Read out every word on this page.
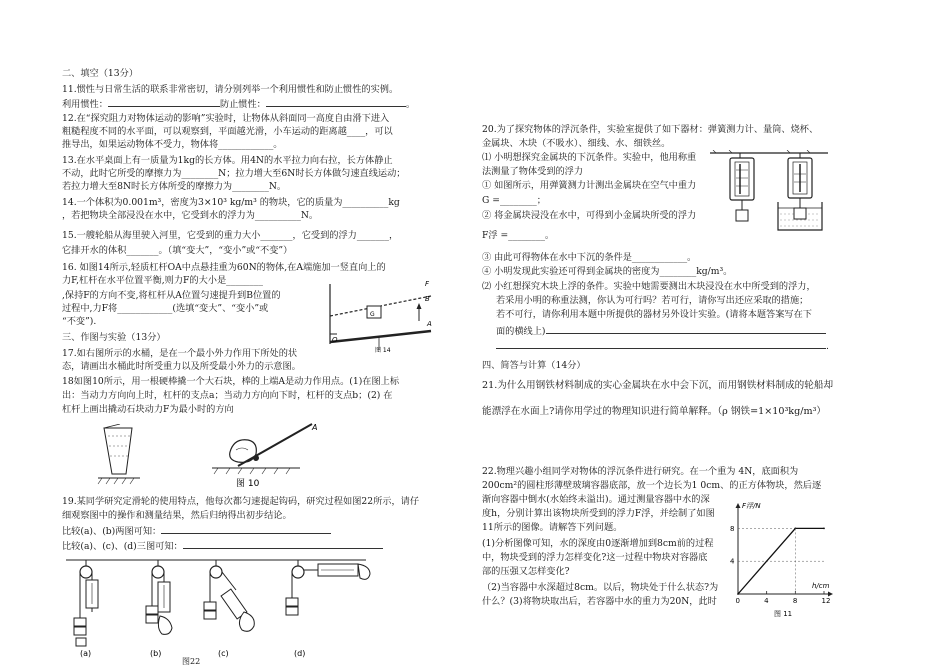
二、填空（13分）
11.惯性与日常生活的联系非常密切，请分别列举一个利用惯性和防止惯性的实例。
利用惯性：	防止惯性：	。
12.在“探究阻力对物体运动的影响”实验时，让物体从斜面同一高度自由滑下进入
粗糙程度不同的水平面，可以观察到，平面越光滑，小车运动的距离越____，可以
推导出，如果运动物体不受力，物体将____________。
13.在水平桌面上有一质量为1kg的长方体。用4N的水平拉力向右拉，长方体静止
不动，此时它所受的摩擦力为________N；拉力增大至6N时长方体做匀速直线运动；
若拉力增大至8N时长方体所受的摩擦力为________N。
14.一个体积为0.001m³，密度为3×10³ kg/m³ 的物块，它的质量为__________kg
，若把物块全部浸没在水中，它受到水的浮力为__________N。
15.一艘轮船从海里驶入河里，它受到的重力大小_______，它受到的浮力_______，
它排开水的体积_______。（填“变大”，“变小”或“不变”）
16. 如图14所示,轻质杠杆OA中点悬挂重为60N的物体,在A端施加一竖直向上的
力F,杠杆在水平位置平衡,则力F的大小是________
,保持F的方向不变,将杠杆从A位置匀速提升到B位置的
过程中,力F将____________(选填“变大”、“变小”或
“不变”).
F
B
A
O
G
图 14
三、作图与实验（13分）
17.如右图所示的水桶，是在一个最小外力作用下所处的状
态，请画出水桶此时所受重力以及所受最小外力的示意图。
18如图10所示，用一根硬棒撬一个大石块，棒的上端A是动力作用点。(1)在图上标
出：当动力方向向上时，杠杆的支点a；当动力方向向下时，杠杆的支点b；(2) 在
杠杆上画出撬动石块动力F为最小时的方向
A
图 10
19.某同学研究定滑轮的使用特点，他每次都匀速提起钩码，研究过程如图22所示，请仔
细观察图中的操作和测量结果，然后归纳得出初步结论。
比较(a)、(b)两图可知：
比较(a)、(c)、(d)三图可知：
(a)	(b)	(c)	(d)
图22
20.为了探究物体的浮沉条件，实验室提供了如下器材：弹簧测力计、量筒、烧杯、
金属块、木块（不吸水）、细线、水、细铁丝。
⑴ 小明想探究金属块的下沉条件。实验中，他用称重
法测量了物体受到的浮力
① 如图所示，用弹簧测力计测出金属块在空气中重力
G =________；
② 将金属块浸没在水中，可得到小金属块所受的浮力
F浮 =________。
③ 由此可得物体在水中下沉的条件是____________。
④ 小明发现此实验还可得到金属块的密度为________kg/m³。
⑵ 小红想探究木块上浮的条件。实验中她需要测出木块浸没在水中所受到的浮力，
若采用小明的称重法测，你认为可行吗？若可行，请你写出还应采取的措施；
若不可行，请你利用本题中所提供的器材另外设计实验。(请将本题答案写在下
面的横线上)
.
四、简答与计算（14分）
21.为什么用钢铁材料制成的实心金属块在水中会下沉，而用钢铁材料制成的轮船却
能漂浮在水面上?请你用学过的物理知识进行简单解释。（ρ 钢铁=1×10³kg/m³）
22.物理兴趣小组同学对物体的浮沉条件进行研究。在一个重为 4N，底面积为
200cm²的圆柱形薄壁玻璃容器底部，放一个边长为1 0cm、的正方体物块，然后逐
渐向容器中倒水(水始终未溢出)。通过测量容器中水的深
度h，分别计算出该物块所受到的浮力F浮，并绘制了如图
11所示的图像。请解答下列问题。
(1)分析图像可知，水的深度由0逐渐增加到8cm前的过程
中，物块受到的浮力怎样变化?这一过程中物块对容器底
部的压强又怎样变化?
（2)当容器中水深超过8cm。以后，物块处于什么状态?为
什么？(3)将物块取出后，若容器中水的重力为20N，此时	0	4	8	12
4
8
F浮/N
h/cm
图 11
